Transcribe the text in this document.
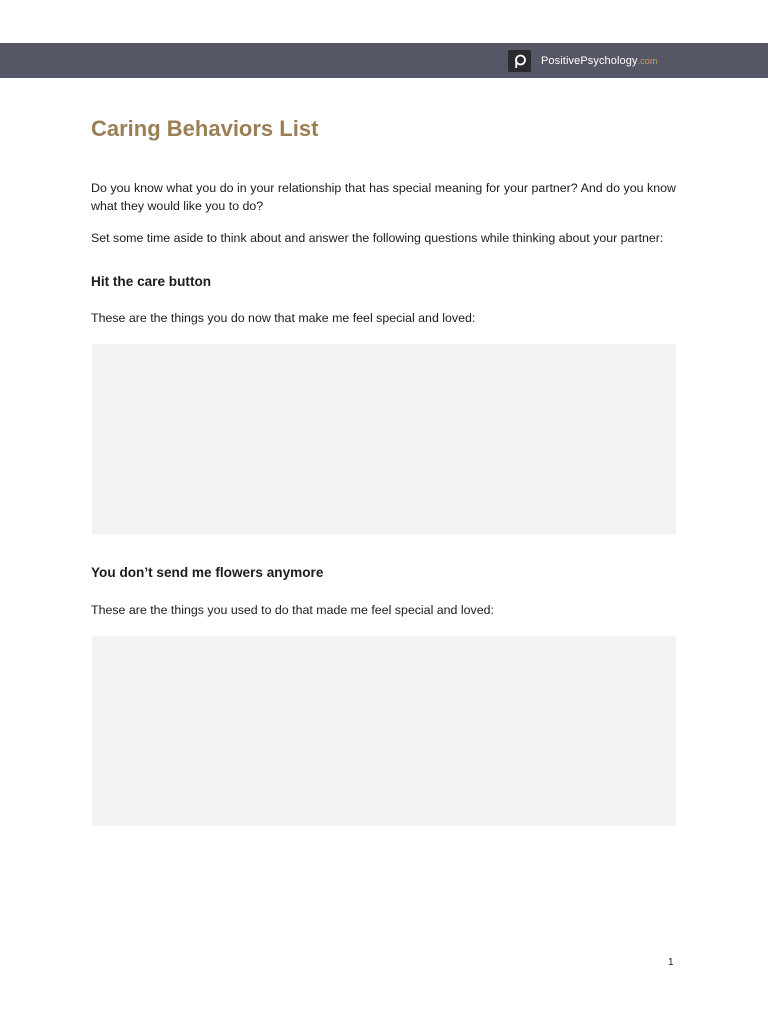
PositivePsychology.com
Caring Behaviors List

Do you know what you do in your relationship that has special meaning for your partner? And do you know what they would like you to do?

Set some time aside to think about and answer the following questions while thinking about your partner:

Hit the care button

These are the things you do now that make me feel special and loved:

You don’t send me flowers anymore

These are the things you used to do that made me feel special and loved:

1
